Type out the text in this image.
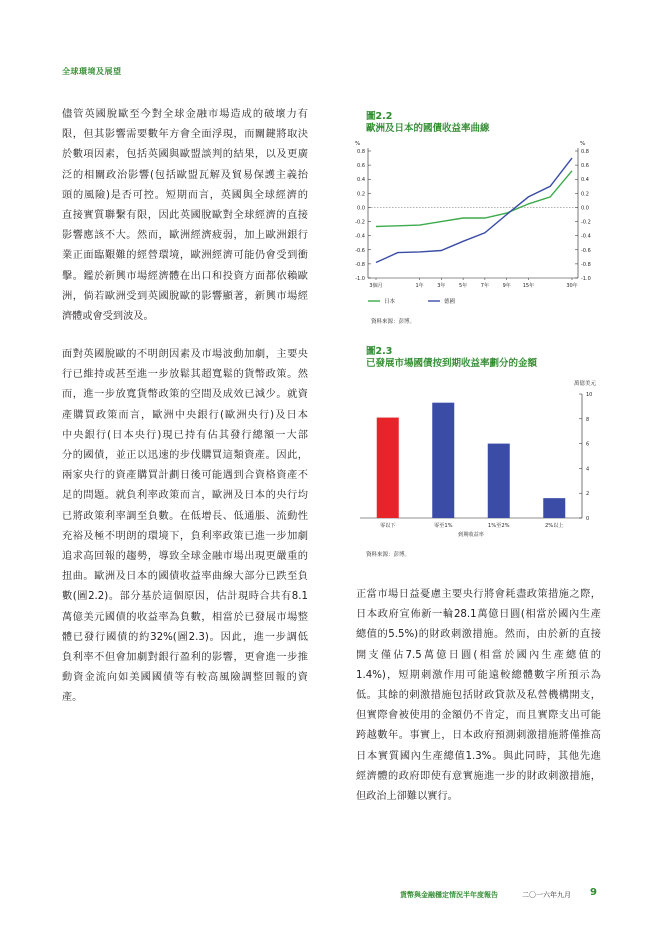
全球環境及展望
儘管英國脫歐至今對全球金融市場造成的破壞力有
限，但其影響需要數年方會全面浮現，而關鍵將取決
於數項因素，包括英國與歐盟談判的結果，以及更廣
泛的相關政治影響(包括歐盟瓦解及貿易保護主義抬
頭的風險)是否可控。短期而言，英國與全球經濟的
直接實質聯繫有限，因此英國脫歐對全球經濟的直接
影響應該不大。然而，歐洲經濟疲弱，加上歐洲銀行
業正面臨艱難的經營環境，歐洲經濟可能仍會受到衝
擊。鑑於新興市場經濟體在出口和投資方面都依賴歐
洲，倘若歐洲受到英國脫歐的影響顯著，新興市場經
濟體或會受到波及。
面對英國脫歐的不明朗因素及市場波動加劇，主要央
行已維持或甚至進一步放鬆其超寬鬆的貨幣政策。然
而，進一步放寬貨幣政策的空間及成效已減少。就資
產購買政策而言，歐洲中央銀行(歐洲央行)及日本
中央銀行(日本央行)現已持有佔其發行總額一大部
分的國債，並正以迅速的步伐購買這類資產。因此，
兩家央行的資產購買計劃日後可能遇到合資格資產不
足的問題。就負利率政策而言，歐洲及日本的央行均
已將政策利率調至負數。在低增長、低通脹、流動性
充裕及極不明朗的環境下，負利率政策已進一步加劇
追求高回報的趨勢，導致全球金融市場出現更嚴重的
扭曲。歐洲及日本的國債收益率曲線大部分已跌至負
數(圖2.2)。部分基於這個原因，估計現時合共有8.1
萬億美元國債的收益率為負數，相當於已發展市場整
體已發行國債的約32%(圖2.3)。因此，進一步調低
負利率不但會加劇對銀行盈利的影響，更會進一步推
動資金流向如美國國債等有較高風險調整回報的資
產。
正當市場日益憂慮主要央行將會耗盡政策措施之際，
日本政府宣佈新一輪28.1萬億日圓(相當於國內生產
總值的5.5%)的財政刺激措施。然而，由於新的直接
開支僅佔7.5萬億日圓(相當於國內生產總值的
1.4%)，短期刺激作用可能遠較總體數字所預示為
低。其餘的刺激措施包括財政貸款及私營機構開支，
但實際會被使用的金額仍不肯定，而且實際支出可能
跨越數年。事實上，日本政府預測刺激措施將僅推高
日本實質國內生產總值1.3%。與此同時，其他先進
經濟體的政府即使有意實施進一步的財政刺激措施，
但政治上卻難以實行。
圖2.2
歐洲及日本的國債收益率曲線
%	%
-1.0	-1.0
-0.8	-0.8
-0.6	-0.6
-0.4	-0.4
-0.2	-0.2
0.0	0.0
0.2	0.2
0.4	0.4
0.6	0.6
0.8	0.8
3個月	1年	3年	5年	7年	9年 15年	30年
日本	德國
資料來源：彭博。
圖2.3
已發展市場國債按到期收益率劃分的金額
萬億美元
0
2
4
6
8
10
零以下	零至1%	1%至2%	2%以上
到期收益率
資料來源：彭博。
貨幣與金融穩定情況半年度報告	二〇一六年九月 9
